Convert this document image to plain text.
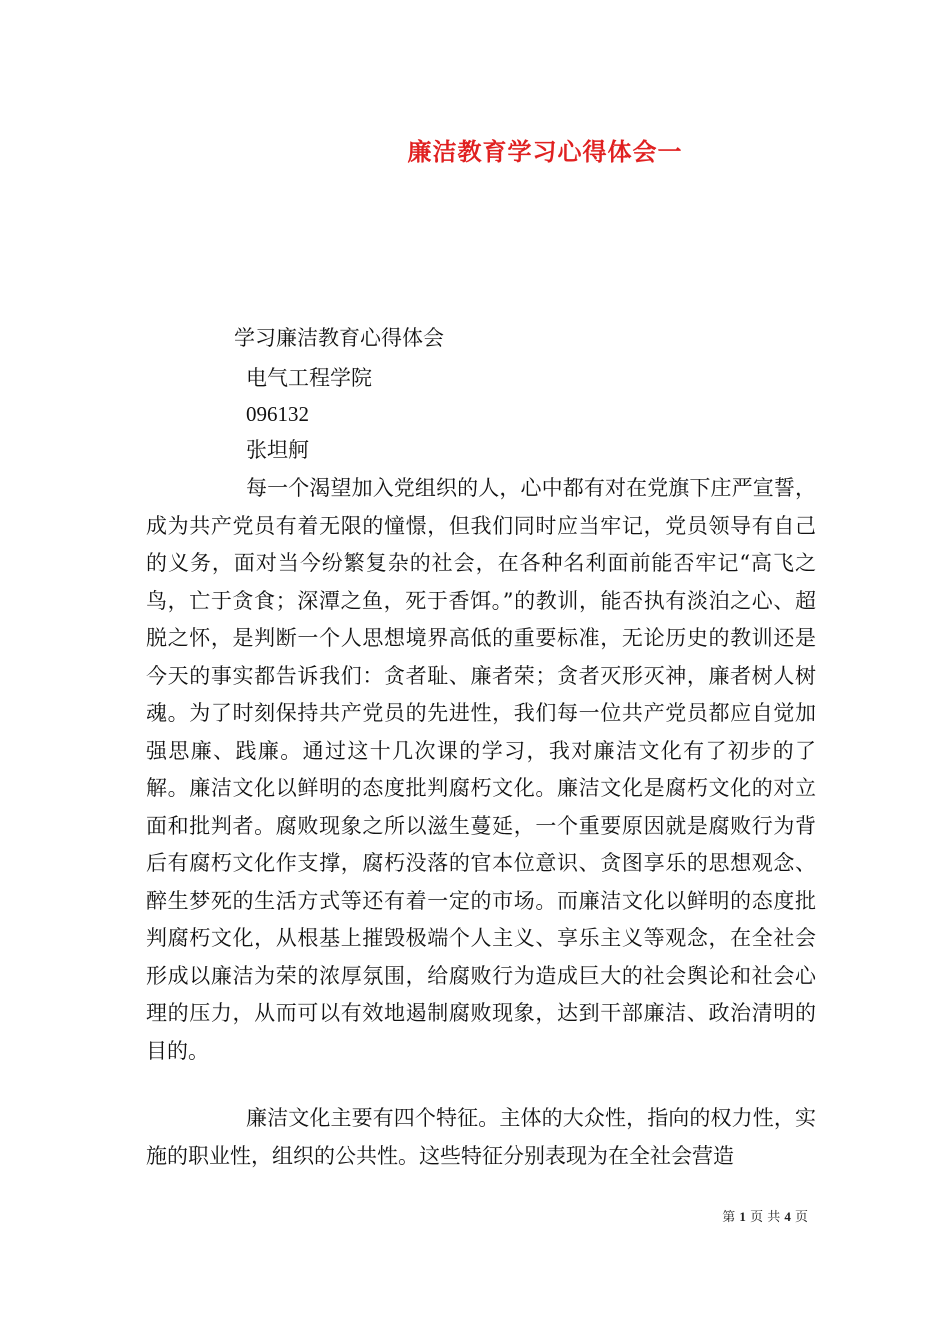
廉洁教育学习心得体会一
学习廉洁教育心得体会
电气工程学院
096132
张坦舸
每一个渴望加入党组织的人，心中都有对在党旗下庄严宣誓，成为共产党员有着无限的憧憬，但我们同时应当牢记，党员领导有自己的义务，面对当今纷繁复杂的社会，在各种名利面前能否牢记“高飞之鸟，亡于贪食；深潭之鱼，死于香饵。”的教训，能否执有淡泊之心、超脱之怀，是判断一个人思想境界高低的重要标准，无论历史的教训还是今天的事实都告诉我们：贪者耻、廉者荣；贪者灭形灭神，廉者树人树魂。为了时刻保持共产党员的先进性，我们每一位共产党员都应自觉加强思廉、践廉。通过这十几次课的学习，我对廉洁文化有了初步的了解。廉洁文化以鲜明的态度批判腐朽文化。廉洁文化是腐朽文化的对立面和批判者。腐败现象之所以滋生蔓延，一个重要原因就是腐败行为背后有腐朽文化作支撑，腐朽没落的官本位意识、贪图享乐的思想观念、醉生梦死的生活方式等还有着一定的市场。而廉洁文化以鲜明的态度批判腐朽文化，从根基上摧毁极端个人主义、享乐主义等观念，在全社会形成以廉洁为荣的浓厚氛围，给腐败行为造成巨大的社会舆论和社会心理的压力，从而可以有效地遏制腐败现象，达到干部廉洁、政治清明的目的。
廉洁文化主要有四个特征。主体的大众性，指向的权力性，实施的职业性，组织的公共性。这些特征分别表现为在全社会营造
第 1 页 共 4 页
